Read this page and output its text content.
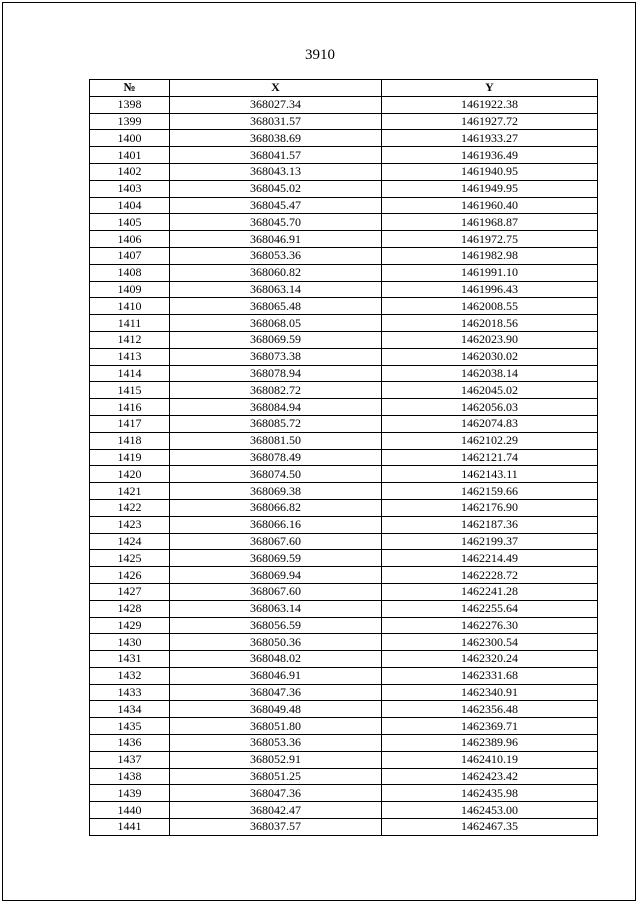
3910
№	X	Y
1398	368027.34	1461922.38
1399	368031.57	1461927.72
1400	368038.69	1461933.27
1401	368041.57	1461936.49
1402	368043.13	1461940.95
1403	368045.02	1461949.95
1404	368045.47	1461960.40
1405	368045.70	1461968.87
1406	368046.91	1461972.75
1407	368053.36	1461982.98
1408	368060.82	1461991.10
1409	368063.14	1461996.43
1410	368065.48	1462008.55
1411	368068.05	1462018.56
1412	368069.59	1462023.90
1413	368073.38	1462030.02
1414	368078.94	1462038.14
1415	368082.72	1462045.02
1416	368084.94	1462056.03
1417	368085.72	1462074.83
1418	368081.50	1462102.29
1419	368078.49	1462121.74
1420	368074.50	1462143.11
1421	368069.38	1462159.66
1422	368066.82	1462176.90
1423	368066.16	1462187.36
1424	368067.60	1462199.37
1425	368069.59	1462214.49
1426	368069.94	1462228.72
1427	368067.60	1462241.28
1428	368063.14	1462255.64
1429	368056.59	1462276.30
1430	368050.36	1462300.54
1431	368048.02	1462320.24
1432	368046.91	1462331.68
1433	368047.36	1462340.91
1434	368049.48	1462356.48
1435	368051.80	1462369.71
1436	368053.36	1462389.96
1437	368052.91	1462410.19
1438	368051.25	1462423.42
1439	368047.36	1462435.98
1440	368042.47	1462453.00
1441	368037.57	1462467.35
